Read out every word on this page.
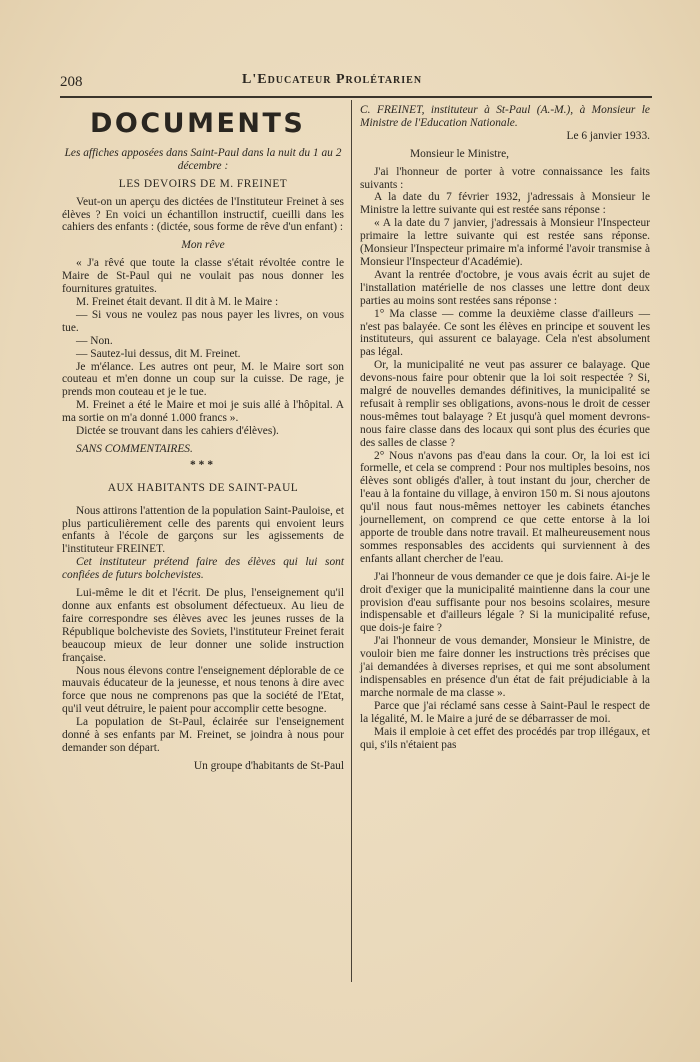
208	L'Educateur Prolétarien
DOCUMENTS

Les affiches apposées dans Saint-Paul dans la nuit du 1 au 2 décembre :

LES DEVOIRS DE M. FREINET

Veut-on un aperçu des dictées de l'Instituteur Freinet à ses élèves ? En voici un échantillon instructif, cueilli dans les cahiers des enfants : (dictée, sous forme de rêve d'un enfant) :

Mon rêve

« J'a rêvé que toute la classe s'était révoltée contre le Maire de St-Paul qui ne voulait pas nous donner les fournitures gratuites.

M. Freinet était devant. Il dit à M. le Maire :

— Si vous ne voulez pas nous payer les livres, on vous tue.

— Non.

— Sautez-lui dessus, dit M. Freinet.

Je m'élance. Les autres ont peur, M. le Maire sort son couteau et m'en donne un coup sur la cuisse. De rage, je prends mon couteau et je le tue.

M. Freinet a été le Maire et moi je suis allé à l'hôpital. A ma sortie on m'a donné 1.000 francs ».

Dictée se trouvant dans les cahiers d'élèves).

SANS COMMENTAIRES.

***

AUX HABITANTS DE SAINT-PAUL

Nous attirons l'attention de la population Saint-Pauloise, et plus particulièrement celle des parents qui envoient leurs enfants à l'école de garçons sur les agissements de l'instituteur FREINET.

Cet instituteur prétend faire des élèves qui lui sont confiées de futurs bolchevistes.

Lui-même le dit et l'écrit. De plus, l'enseignement qu'il donne aux enfants est obsolument défectueux. Au lieu de faire correspondre ses élèves avec les jeunes russes de la République bolcheviste des Soviets, l'instituteur Freinet ferait beaucoup mieux de leur donner une solide instruction française.

Nous nous élevons contre l'enseignement déplorable de ce mauvais éducateur de la jeunesse, et nous tenons à dire avec force que nous ne comprenons pas que la société de l'Etat, qu'il veut détruire, le paient pour accomplir cette besogne.

La population de St-Paul, éclairée sur l'enseignement donné à ses enfants par M. Freinet, se joindra à nous pour demander son départ.

Un groupe d'habitants de St-Paul

C. FREINET, instituteur à St-Paul (A.-M.), à Monsieur le Ministre de l'Education Nationale.

Le 6 janvier 1933.

Monsieur le Ministre,

J'ai l'honneur de porter à votre connaissance les faits suivants :

A la date du 7 février 1932, j'adressais à Monsieur le Ministre la lettre suivante qui est restée sans réponse :

« A la date du 7 janvier, j'adressais à Monsieur l'Inspecteur primaire la lettre suivante qui est restée sans réponse. (Monsieur l'Inspecteur primaire m'a informé l'avoir transmise à Monsieur l'Inspecteur d'Académie).

Avant la rentrée d'octobre, je vous avais écrit au sujet de l'installation matérielle de nos classes une lettre dont deux parties au moins sont restées sans réponse :

1° Ma classe — comme la deuxième classe d'ailleurs — n'est pas balayée. Ce sont les élèves en principe et souvent les instituteurs, qui assurent ce balayage. Cela n'est absolument pas légal.

Or, la municipalité ne veut pas assurer ce balayage. Que devons-nous faire pour obtenir que la loi soit respectée ? Si, malgré de nouvelles demandes définitives, la municipalité se refusait à remplir ses obligations, avons-nous le droit de cesser nous-mêmes tout balayage ? Et jusqu'à quel moment devrons-nous faire classe dans des locaux qui sont plus des écuries que des salles de classe ?

2° Nous n'avons pas d'eau dans la cour. Or, la loi est ici formelle, et cela se comprend : Pour nos multiples besoins, nos élèves sont obligés d'aller, à tout instant du jour, chercher de l'eau à la fontaine du village, à environ 150 m. Si nous ajoutons qu'il nous faut nous-mêmes nettoyer les cabinets étanches journellement, on comprend ce que cette entorse à la loi apporte de trouble dans notre travail. Et malheureusement nous sommes responsables des accidents qui surviennent à des enfants allant chercher de l'eau.

J'ai l'honneur de vous demander ce que je dois faire. Ai-je le droit d'exiger que la municipalité maintienne dans la cour une provision d'eau suffisante pour nos besoins scolaires, mesure indispensable et d'ailleurs légale ? Si la municipalité refuse, que dois-je faire ?

J'ai l'honneur de vous demander, Monsieur le Ministre, de vouloir bien me faire donner les instructions très précises que j'ai demandées à diverses reprises, et qui me sont absolument indispensables en présence d'un état de fait préjudiciable à la marche normale de ma classe ».

Parce que j'ai réclamé sans cesse à Saint-Paul le respect de la légalité, M. le Maire a juré de se débarrasser de moi.

Mais il emploie à cet effet des procédés par trop illégaux, et qui, s'ils n'étaient pas
